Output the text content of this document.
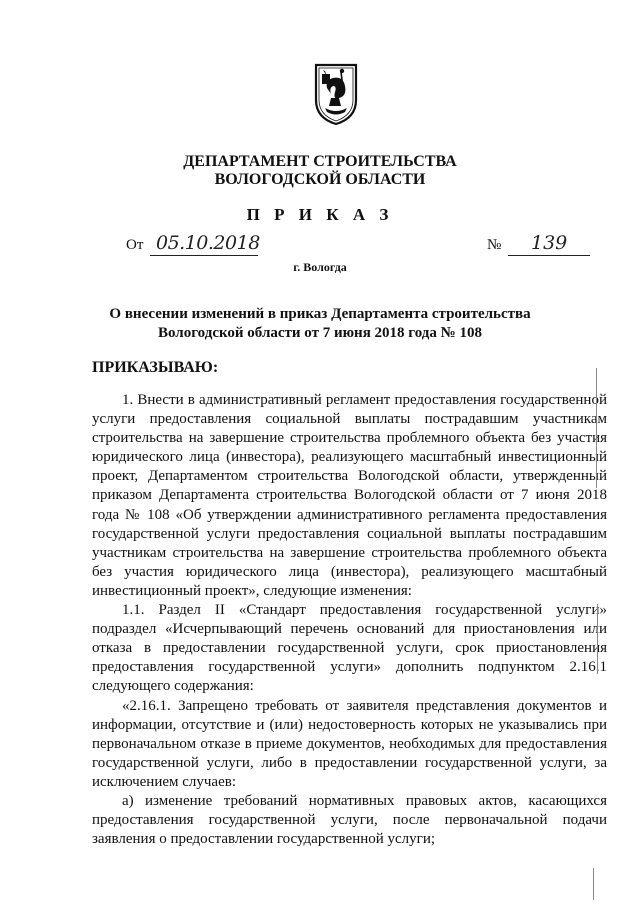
ДЕПАРТАМЕНТ СТРОИТЕЛЬСТВА
ВОЛОГОДСКОЙ ОБЛАСТИ
П Р И К А З
От 05.10.2018	№ 139
г. Вологда
О внесении изменений в приказ Департамента строительства
Вологодской области от 7 июня 2018 года № 108
ПРИКАЗЫВАЮ:

1. Внести в административный регламент предоставления государственной услуги предоставления социальной выплаты пострадавшим участникам строительства на завершение строительства проблемного объекта без участия юридического лица (инвестора), реализующего масштабный инвестиционный проект, Департаментом строительства Вологодской области, утвержденный приказом Департамента строительства Вологодской области от 7 июня 2018 года № 108 «Об утверждении административного регламента предоставления государственной услуги предоставления социальной выплаты пострадавшим участникам строительства на завершение строительства проблемного объекта без участия юридического лица (инвестора), реализующего масштабный инвестиционный проект», следующие изменения:

1.1. Раздел II «Стандарт предоставления государственной услуги» подраздел «Исчерпывающий перечень оснований для приостановления или отказа в предоставлении государственной услуги, срок приостановления предоставления государственной услуги» дополнить подпунктом 2.16.1 следующего содержания:

«2.16.1. Запрещено требовать от заявителя представления документов и информации, отсутствие и (или) недостоверность которых не указывались при первоначальном отказе в приеме документов, необходимых для предоставления государственной услуги, либо в предоставлении государственной услуги, за исключением случаев:

а) изменение требований нормативных правовых актов, касающихся предоставления государственной услуги, после первоначальной подачи заявления о предоставлении государственной услуги;
